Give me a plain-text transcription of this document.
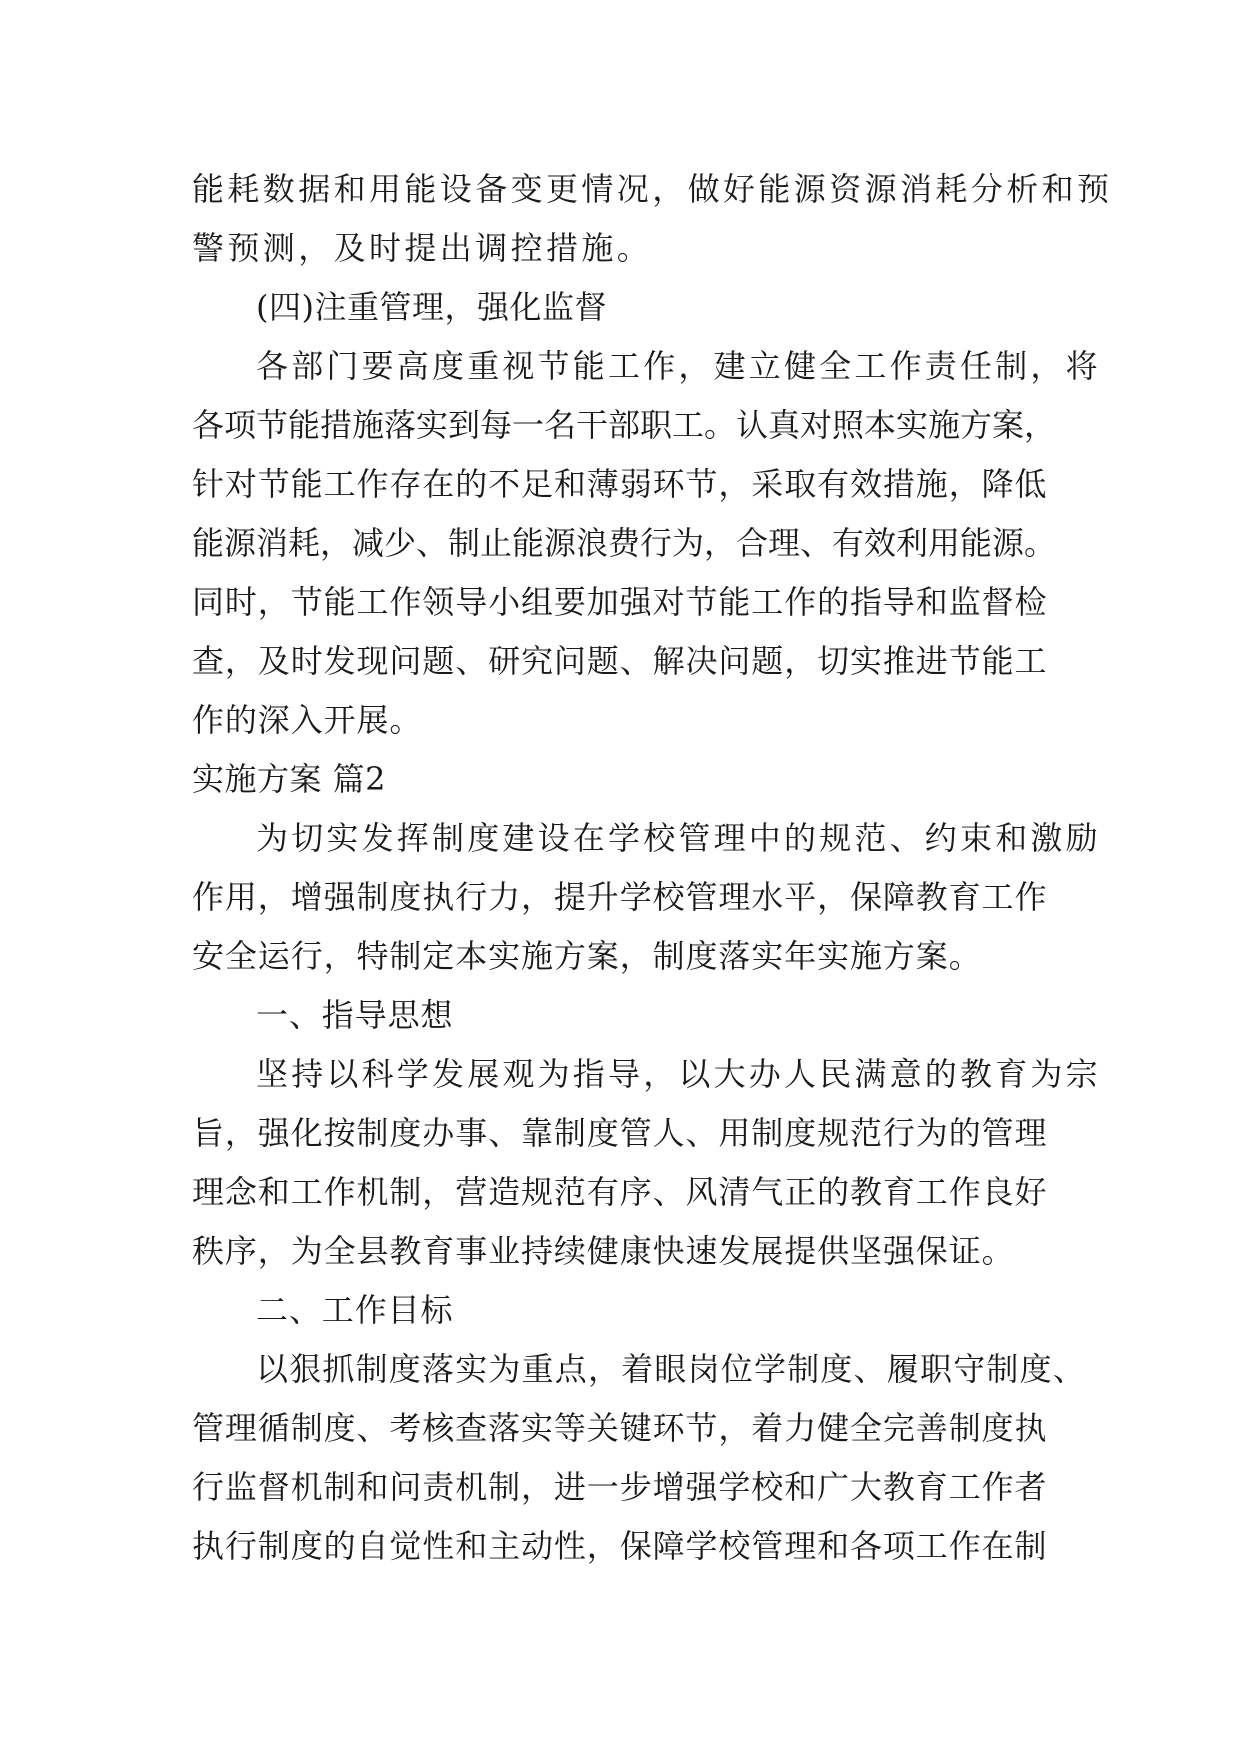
能耗数据和用能设备变更情况，做好能源资源消耗分析和预
警预测，及时提出调控措施。
(四)注重管理，强化监督
各部门要高度重视节能工作，建立健全工作责任制，将
各项节能措施落实到每一名干部职工。认真对照本实施方案，
针对节能工作存在的不足和薄弱环节，采取有效措施，降低
能源消耗，减少、制止能源浪费行为，合理、有效利用能源。
同时，节能工作领导小组要加强对节能工作的指导和监督检
查，及时发现问题、研究问题、解决问题，切实推进节能工
作的深入开展。
实施方案 篇2
为切实发挥制度建设在学校管理中的规范、约束和激励
作用，增强制度执行力，提升学校管理水平，保障教育工作
安全运行，特制定本实施方案，制度落实年实施方案。
一、指导思想
坚持以科学发展观为指导，以大办人民满意的教育为宗
旨，强化按制度办事、靠制度管人、用制度规范行为的管理
理念和工作机制，营造规范有序、风清气正的教育工作良好
秩序，为全县教育事业持续健康快速发展提供坚强保证。
二、工作目标
以狠抓制度落实为重点，着眼岗位学制度、履职守制度、
管理循制度、考核查落实等关键环节，着力健全完善制度执
行监督机制和问责机制，进一步增强学校和广大教育工作者
执行制度的自觉性和主动性，保障学校管理和各项工作在制
